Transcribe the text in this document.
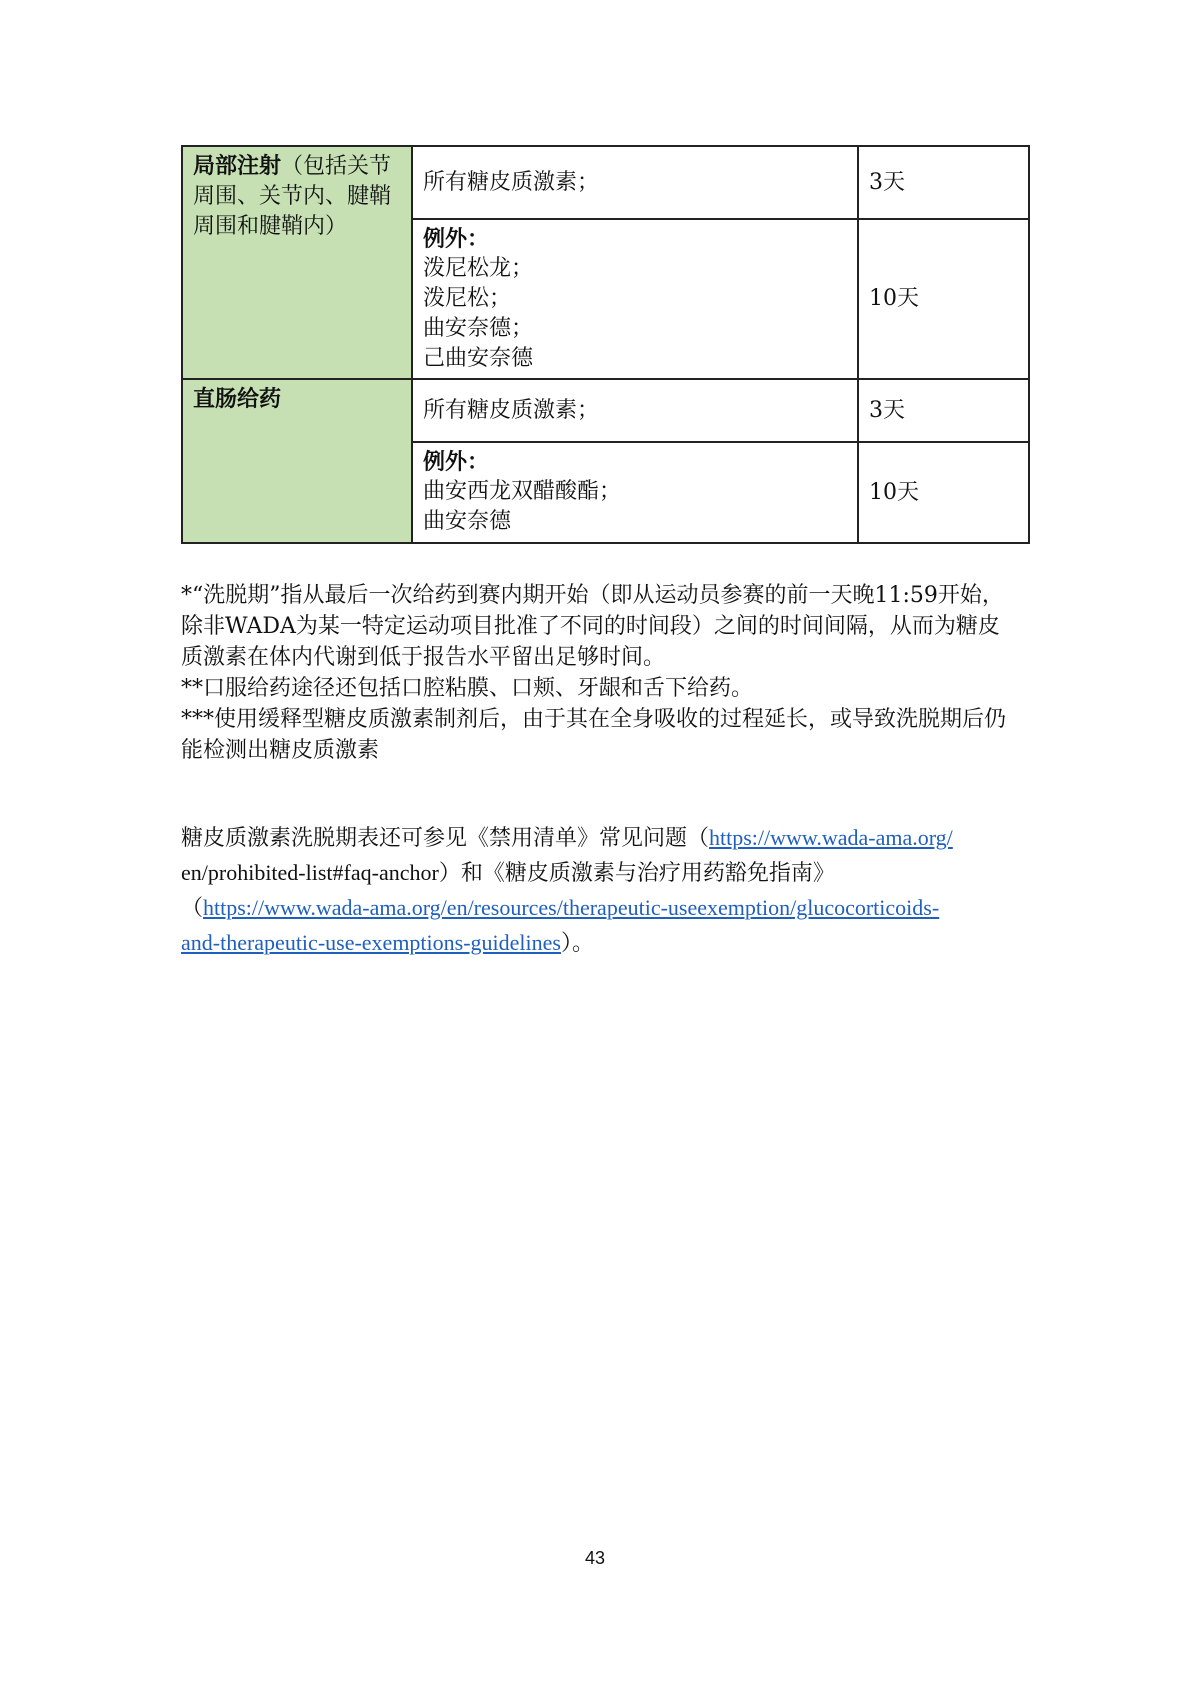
局部注射（包括关节周围、关节内、腱鞘周围和腱鞘内）	所有糖皮质激素；	3天

	例外：
泼尼松龙；
泼尼松；
曲安奈德；
己曲安奈德	10天
直肠给药	所有糖皮质激素；	3天

	例外：
曲安西龙双醋酸酯；
曲安奈德	10天

*“洗脱期”指从最后一次给药到赛内期开始（即从运动员参赛的前一天晚11:59开始，除非WADA为某一特定运动项目批准了不同的时间段）之间的时间间隔，从而为糖皮质激素在体内代谢到低于报告水平留出足够时间。

**口服给药途径还包括口腔粘膜、口颊、牙龈和舌下给药。

***使用缓释型糖皮质激素制剂后，由于其在全身吸收的过程延长，或导致洗脱期后仍能检测出糖皮质激素

糖皮质激素洗脱期表还可参见《禁用清单》常见问题（https://www.wada-ama.org/
en/prohibited-list#faq-anchor）和《糖皮质激素与治疗用药豁免指南》
（https://www.wada-ama.org/en/resources/therapeutic-useexemption/glucocorticoids-
and-therapeutic-use-exemptions-guidelines）。
43
